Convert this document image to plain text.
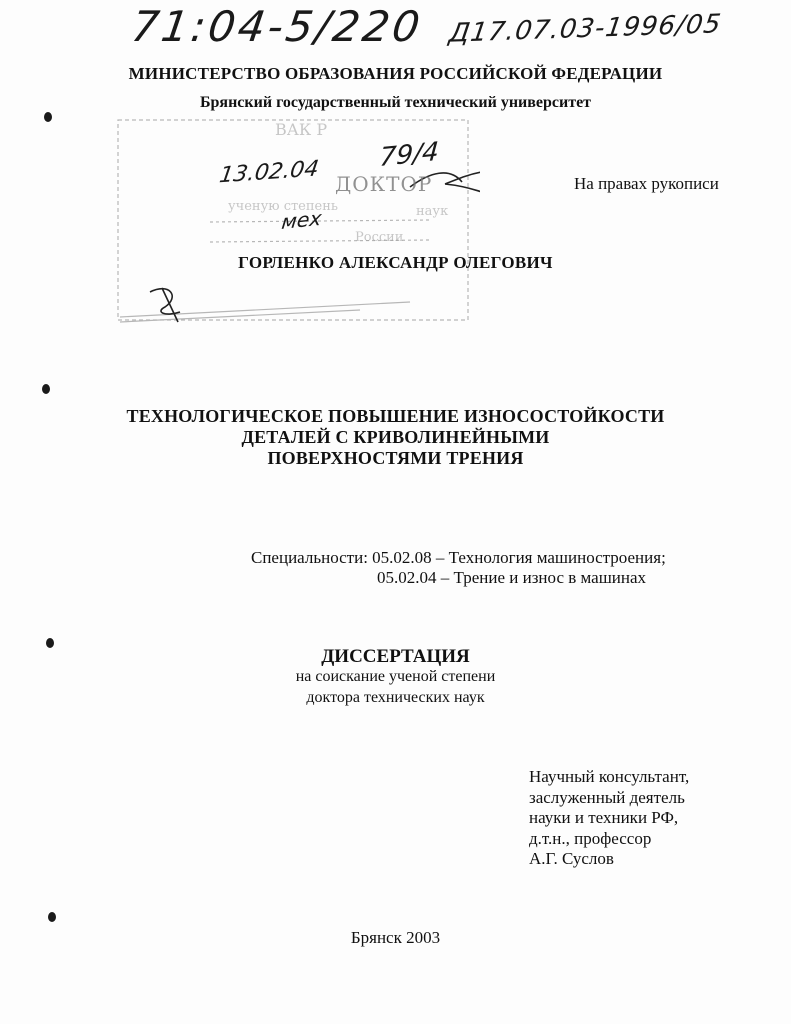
71:04-5/220 Д17.07.03-1996/05
МИНИСТЕРСТВО ОБРАЗОВАНИЯ РОССИЙСКОЙ ФЕДЕРАЦИИ
Брянский государственный технический университет
ВАК Р
ученую степень
России
ДОКТОР
13.02.04 79/4
мех	наук
На правах рукописи
ГОРЛЕНКО АЛЕКСАНДР ОЛЕГОВИЧ
ТЕХНОЛОГИЧЕСКОЕ ПОВЫШЕНИЕ ИЗНОСОСТОЙКОСТИ
ДЕТАЛЕЙ С КРИВОЛИНЕЙНЫМИ
ПОВЕРХНОСТЯМИ ТРЕНИЯ
Специальности: 05.02.08 – Технология машиностроения;
05.02.04 – Трение и износ в машинах
ДИССЕРТАЦИЯ
на соискание ученой степени
доктора технических наук
Научный консультант,
заслуженный деятель
науки и техники РФ,
д.т.н., профессор
А.Г. Суслов
Брянск 2003
